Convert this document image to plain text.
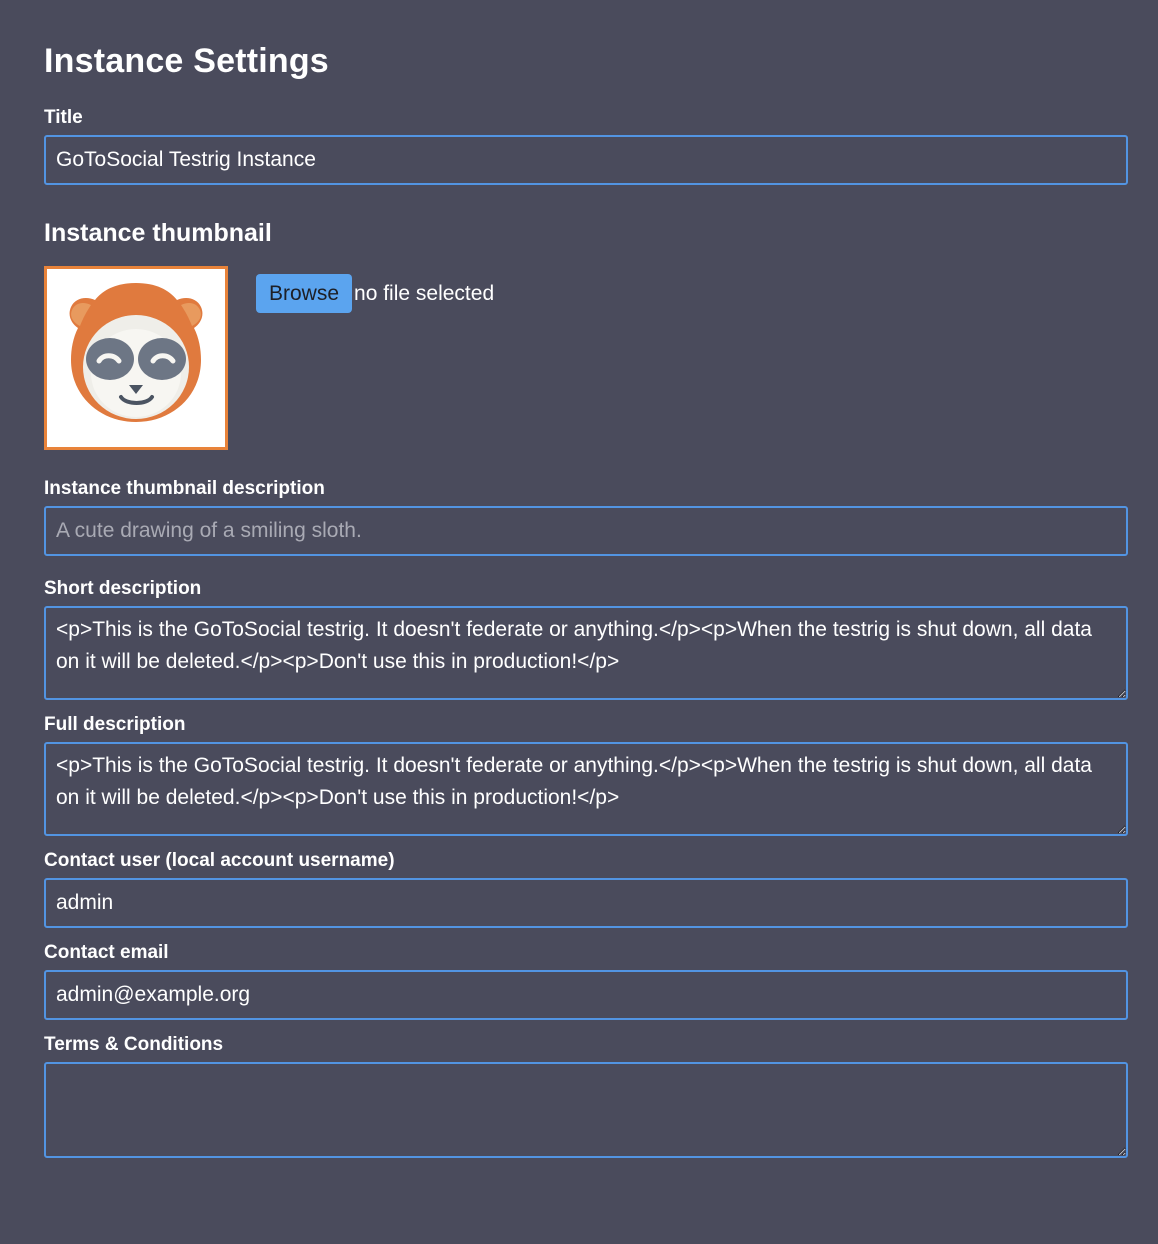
Instance Settings
Title
GoToSocial Testrig Instance
Instance thumbnail
Browse no file selected
Instance thumbnail description
A cute drawing of a smiling sloth.
Short description
<p>This is the GoToSocial testrig. It doesn't federate or anything.</p><p>When the testrig is shut down, all data on it will be deleted.</p><p>Don't use this in production!</p>
Full description
<p>This is the GoToSocial testrig. It doesn't federate or anything.</p><p>When the testrig is shut down, all data on it will be deleted.</p><p>Don't use this in production!</p>
Contact user (local account username)
admin
Contact email
admin@example.org
Terms & Conditions
